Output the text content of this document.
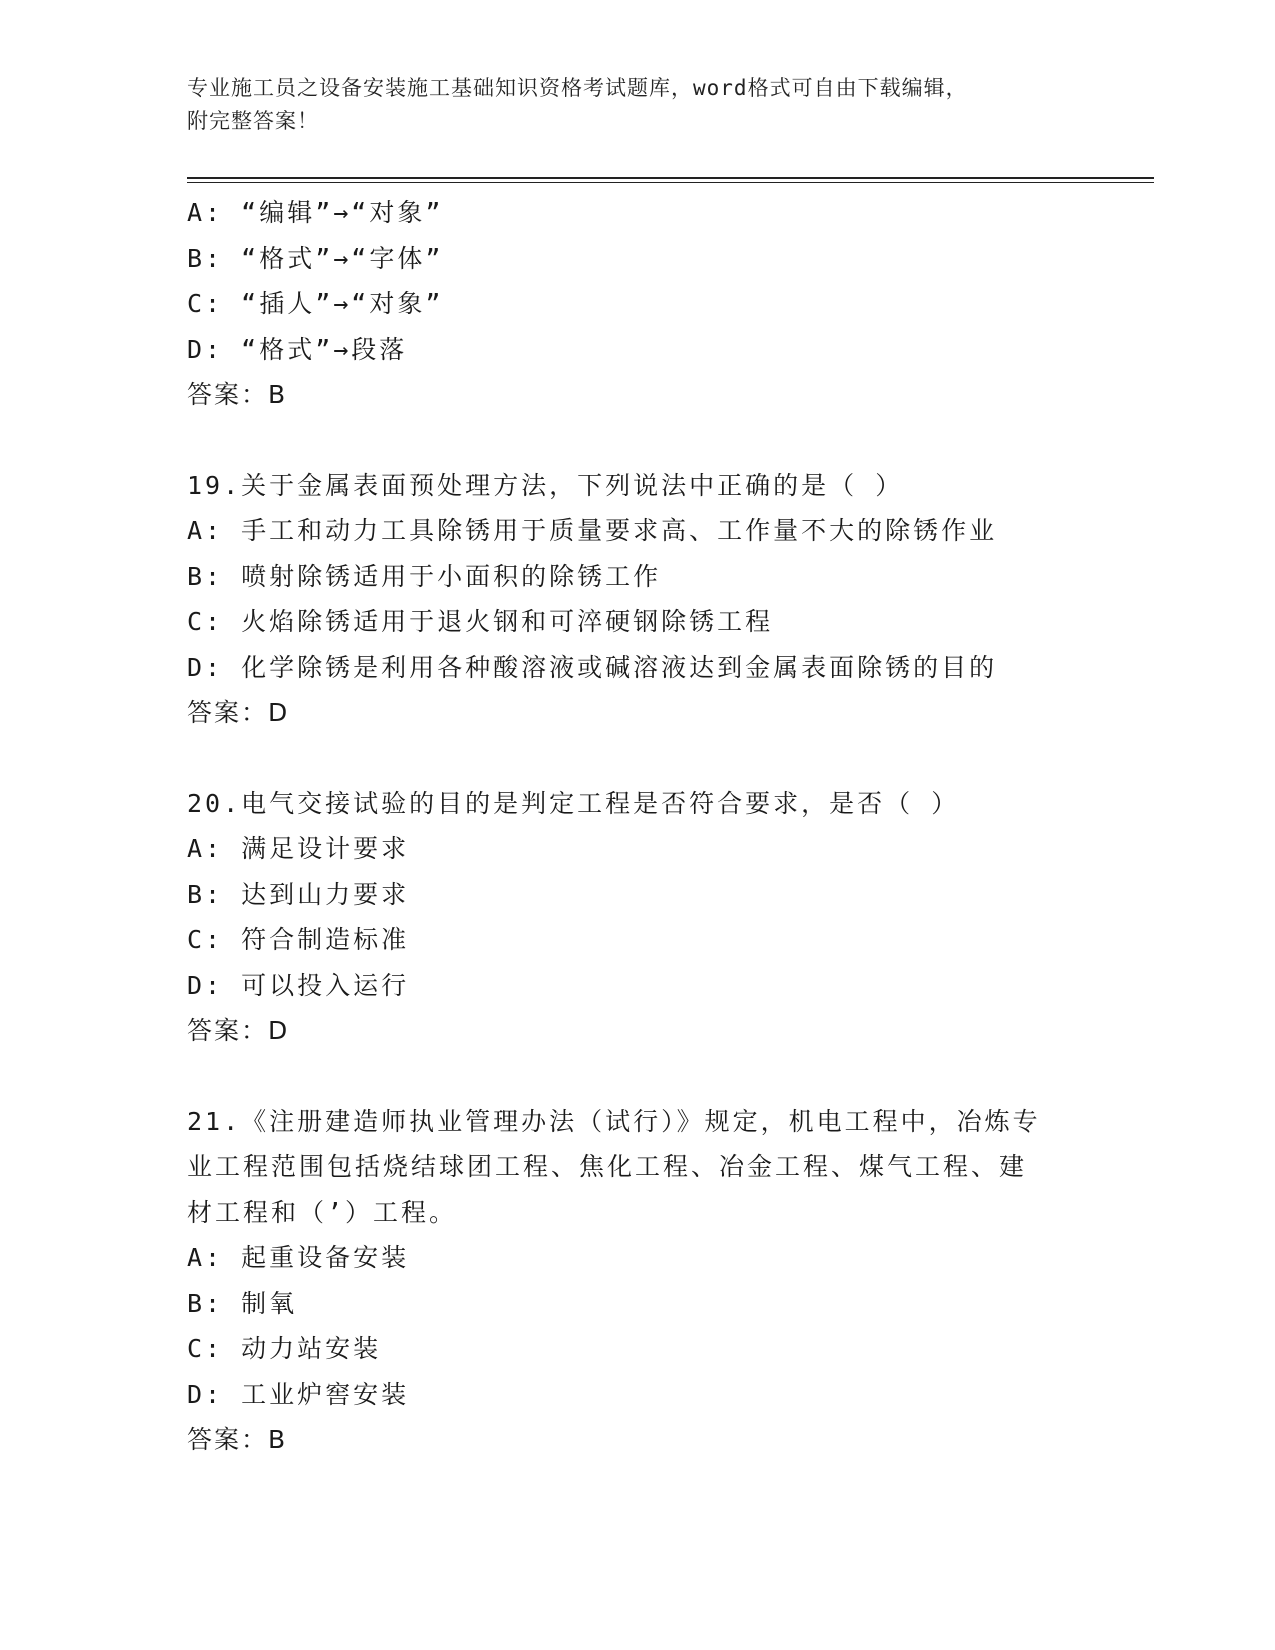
专业施工员之设备安装施工基础知识资格考试题库，word格式可自由下载编辑，
附完整答案！
A: “编辑”→“对象”
B: “格式”→“字体”
C: “插人”→“对象”
D: “格式”→段落
答案：B
19.关于金属表面预处理方法，下列说法中正确的是（ ）
A: 手工和动力工具除锈用于质量要求高、工作量不大的除锈作业
B: 喷射除锈适用于小面积的除锈工作
C: 火焰除锈适用于退火钢和可淬硬钢除锈工程
D: 化学除锈是利用各种酸溶液或碱溶液达到金属表面除锈的目的
答案：D
20.电气交接试验的目的是判定工程是否符合要求，是否（ ）
A: 满足设计要求
B: 达到山力要求
C: 符合制造标准
D: 可以投入运行
答案：D
21.《注册建造师执业管理办法（试行）》规定，机电工程中，冶炼专
业工程范围包括烧结球团工程、焦化工程、冶金工程、煤气工程、建
材工程和（’）工程。
A: 起重设备安装
B: 制氧
C: 动力站安装
D: 工业炉窖安装
答案：B
